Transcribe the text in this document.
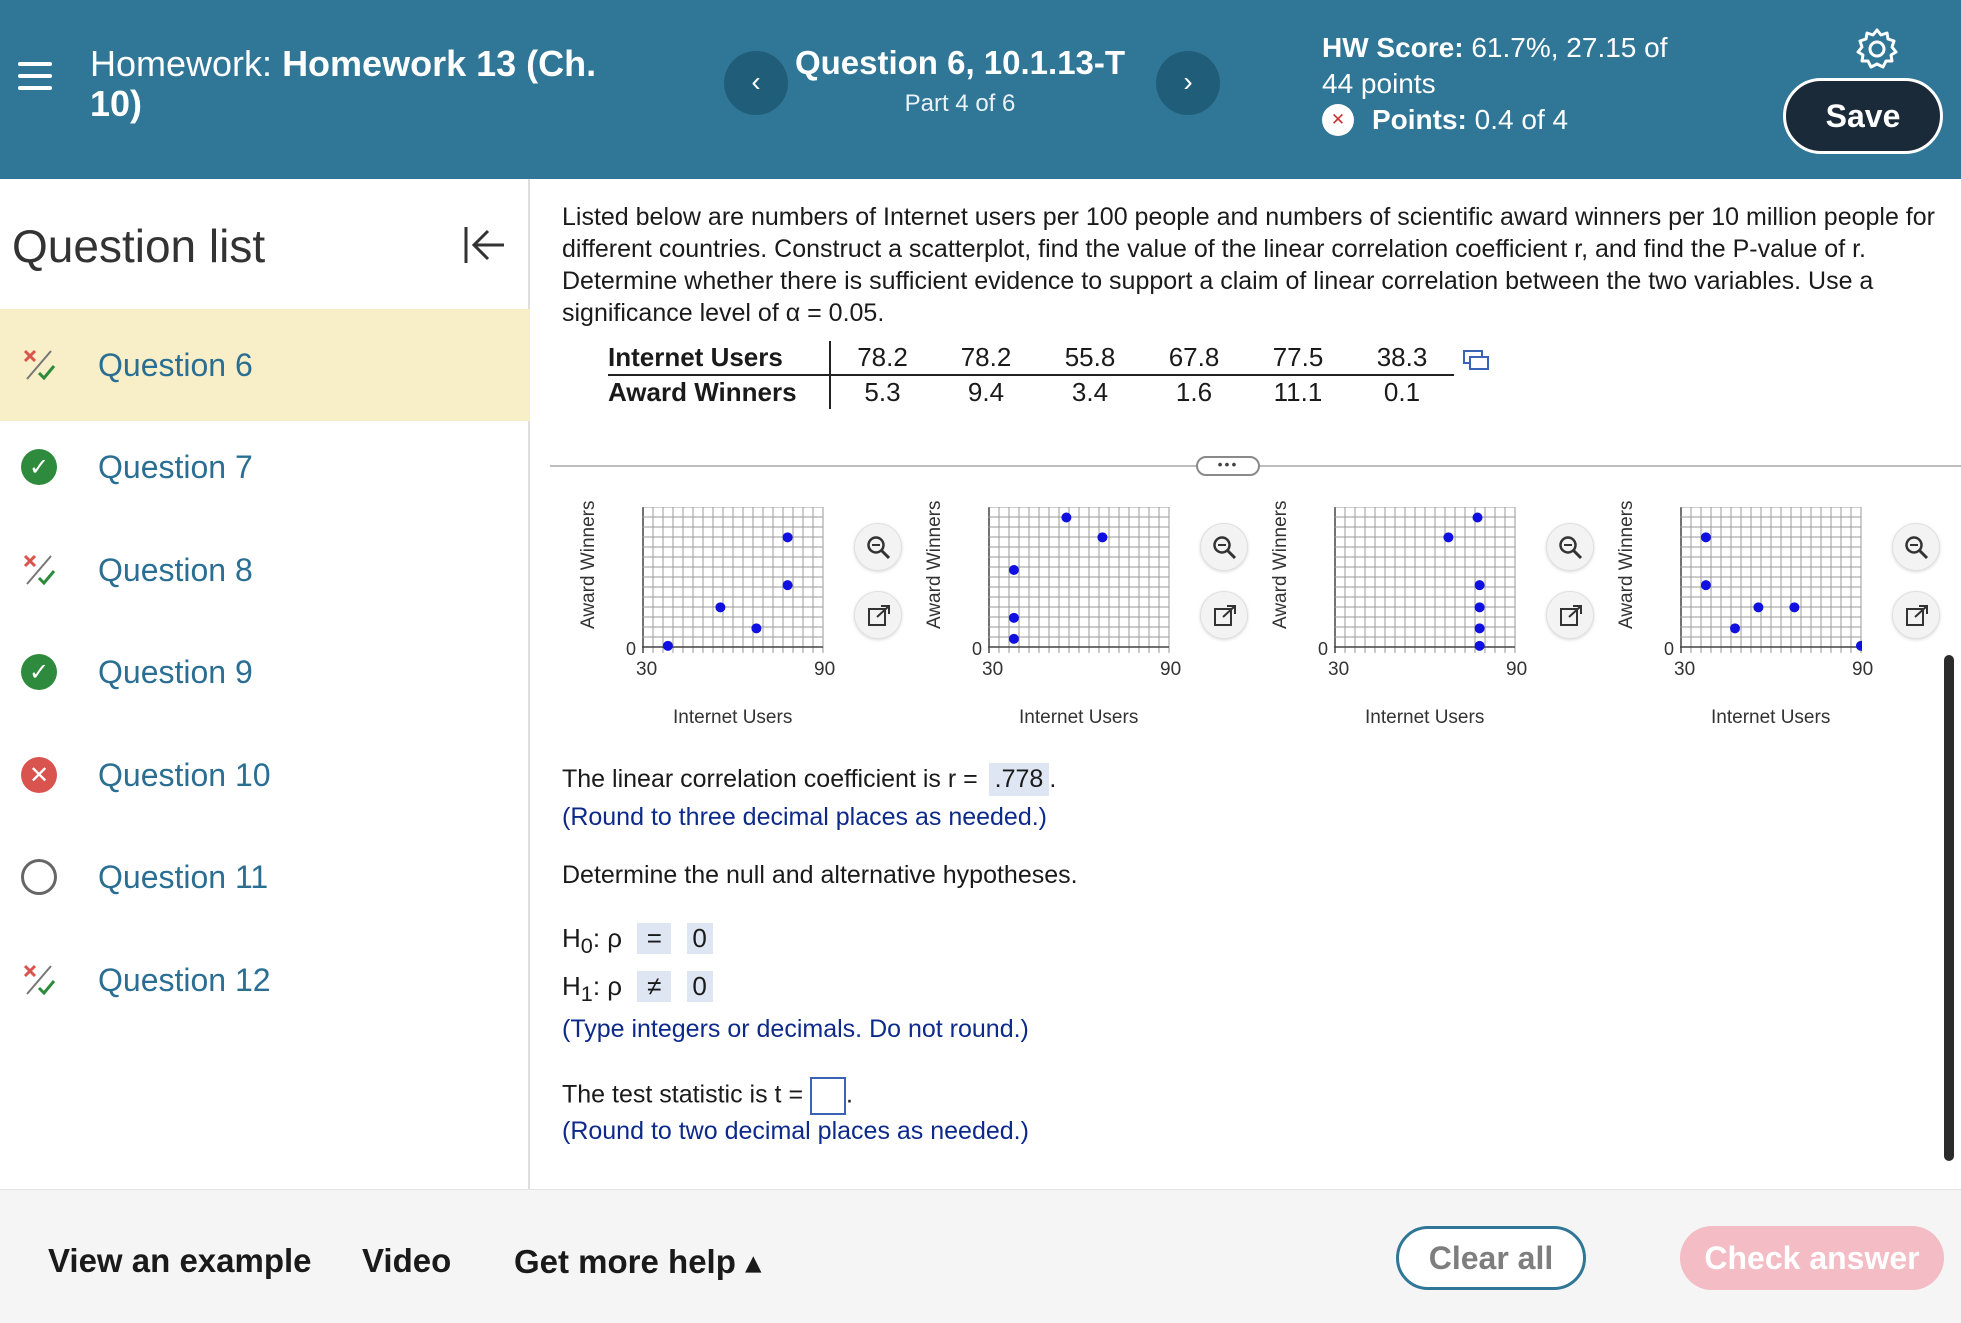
Homework: Homework 13 (Ch. 10)
‹
Question 6, 10.1.13-T
Part 4 of 6
›
HW Score: 61.7%, 27.15 of 44 points
✕ Points:
0.4 of 4	Save
Question list
Question 6
✓ Question 7
Question 8
✓ Question 9
✕ Question 10
Question 11
Question 12
Listed below are numbers of Internet users per 100 people and numbers of scientific award winners per 10 million people for different countries. Construct a scatterplot, find the value of the linear correlation coefficient r, and find the P-value of r. Determine whether there is sufficient evidence to support a claim of linear correlation between the two variables. Use a significance level of α = 0.05.
Internet Users	78.2	78.2	55.8	67.8	77.5	38.3
Award Winners	5.3	9.4	3.4	1.6	11.1	0.1
•••
Award Winners
0
30	90
Internet Users
Award Winners
0
30	90
Internet Users
Award Winners
0
30	90
Internet Users
Award Winners
0
30	90
Internet Users
The linear correlation coefficient is r = .778 .
(Round to three decimal places as needed.)
Determine the null and alternative hypotheses.
$H_0$: ρ = 0
$H_1$: ρ ≠ 0
(Type integers or decimals. Do not round.)
The test statistic is t = .
(Round to two decimal places as needed.)
View an example Video Get more help ▴	Clear all	Check answer
